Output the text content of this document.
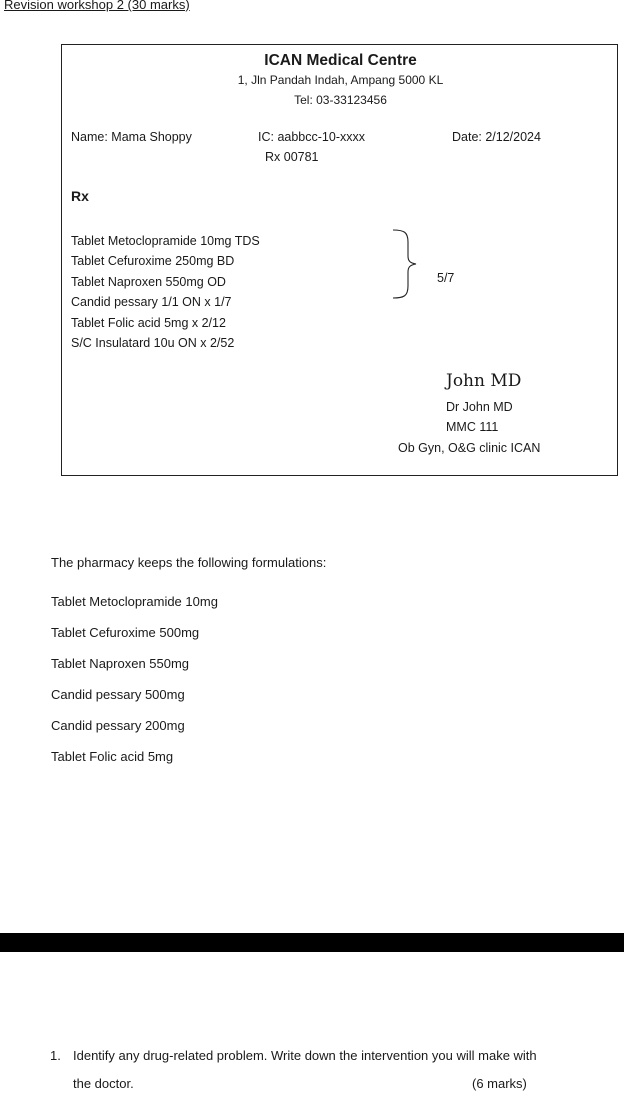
Revision workshop 2 (30 marks)
ICAN Medical Centre
1, Jln Pandah Indah, Ampang 5000 KL
Tel: 03-33123456
Name: Mama Shoppy	IC: aabbcc-10-xxxx
Rx 00781
Date: 2/12/2024
Rx
Tablet Metoclopramide 10mg TDS
Tablet Cefuroxime 250mg BD
Tablet Naproxen 550mg OD
Candid pessary 1/1 ON x 1/7
Tablet Folic acid 5mg x 2/12
S/C Insulatard 10u ON x 2/52
5/7
John MD
Dr John MD
MMC 111
Ob Gyn, O&G clinic ICAN
The pharmacy keeps the following formulations:
Tablet Metoclopramide 10mg
Tablet Cefuroxime 500mg
Tablet Naproxen 550mg
Candid pessary 500mg
Candid pessary 200mg
Tablet Folic acid 5mg
1. Identify any drug-related problem. Write down the intervention you will make with
the doctor.	(6 marks)
